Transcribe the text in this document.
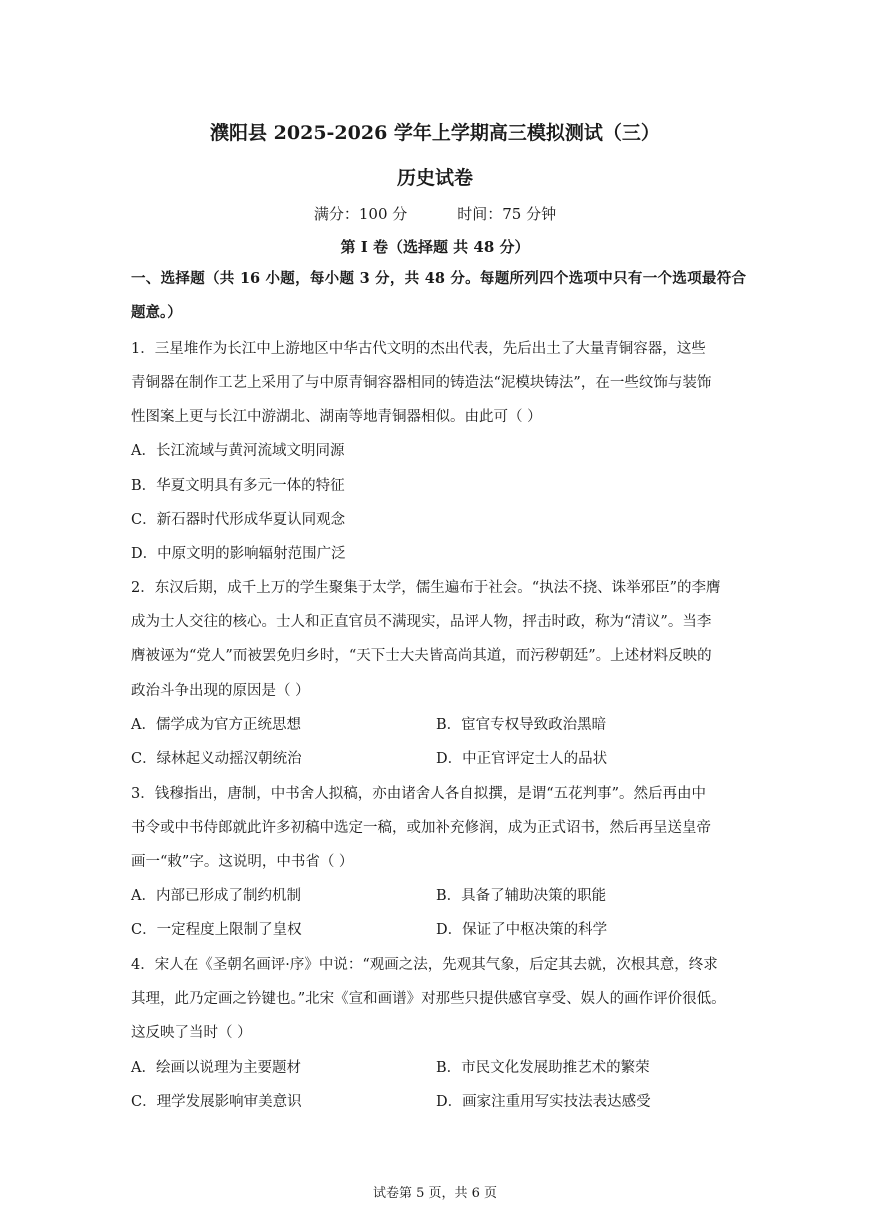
濮阳县 2025-2026 学年上学期高三模拟测试（三）
历史试卷
满分：100 分	时间：75 分钟
第 I 卷（选择题 共 48 分）
一、选择题（共 16 小题，每小题 3 分，共 48 分。每题所列四个选项中只有一个选项最符合题意。）
1．三星堆作为长江中上游地区中华古代文明的杰出代表，先后出土了大量青铜容器，这些
青铜器在制作工艺上采用了与中原青铜容器相同的铸造法“泥模块铸法”，在一些纹饰与装饰
性图案上更与长江中游湖北、湖南等地青铜器相似。由此可（ ）
A．长江流域与黄河流域文明同源
B．华夏文明具有多元一体的特征
C．新石器时代形成华夏认同观念
D．中原文明的影响辐射范围广泛
2．东汉后期，成千上万的学生聚集于太学，儒生遍布于社会。“执法不挠、诛举邪臣”的李膺
成为士人交往的核心。士人和正直官员不满现实，品评人物，抨击时政，称为“清议”。当李
膺被诬为“党人”而被罢免归乡时，“天下士大夫皆高尚其道，而污秽朝廷”。上述材料反映的
政治斗争出现的原因是（ ）
A．儒学成为官方正统思想	B．宦官专权导致政治黑暗
C．绿林起义动摇汉朝统治	D．中正官评定士人的品状
3．钱穆指出，唐制，中书舍人拟稿，亦由诸舍人各自拟撰，是谓“五花判事”。然后再由中
书令或中书侍郎就此许多初稿中选定一稿，或加补充修润，成为正式诏书，然后再呈送皇帝
画一“敕”字。这说明，中书省（ ）
A．内部已形成了制约机制	B．具备了辅助决策的职能
C．一定程度上限制了皇权	D．保证了中枢决策的科学
4．宋人在《圣朝名画评·序》中说：“观画之法，先观其气象，后定其去就，次根其意，终求
其理，此乃定画之钤键也。”北宋《宣和画谱》对那些只提供感官享受、娱人的画作评价很低。
这反映了当时（ ）
A．绘画以说理为主要题材	B．市民文化发展助推艺术的繁荣
C．理学发展影响审美意识	D．画家注重用写实技法表达感受
试卷第 5 页，共 6 页
